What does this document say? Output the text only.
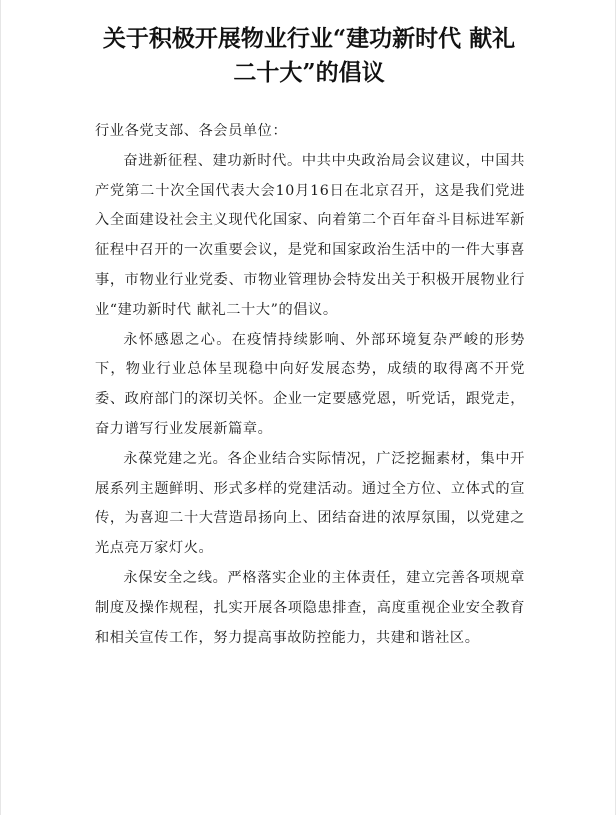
关于积极开展物业行业“建功新时代 献礼
二十大”的倡议

行业各党支部、各会员单位：

奋进新征程、建功新时代。中共中央政治局会议建议，中国共产党第二十次全国代表大会10月16日在北京召开，这是我们党进入全面建设社会主义现代化国家、向着第二个百年奋斗目标进军新征程中召开的一次重要会议，是党和国家政治生活中的一件大事喜事，市物业行业党委、市物业管理协会特发出关于积极开展物业行业“建功新时代 献礼二十大”的倡议。

永怀感恩之心。在疫情持续影响、外部环境复杂严峻的形势下，物业行业总体呈现稳中向好发展态势，成绩的取得离不开党委、政府部门的深切关怀。企业一定要感党恩，听党话，跟党走，奋力谱写行业发展新篇章。

永葆党建之光。各企业结合实际情况，广泛挖掘素材，集中开展系列主题鲜明、形式多样的党建活动。通过全方位、立体式的宣传，为喜迎二十大营造昂扬向上、团结奋进的浓厚氛围，以党建之光点亮万家灯火。

永保安全之线。严格落实企业的主体责任，建立完善各项规章制度及操作规程，扎实开展各项隐患排查，高度重视企业安全教育和相关宣传工作，努力提高事故防控能力，共建和谐社区。
